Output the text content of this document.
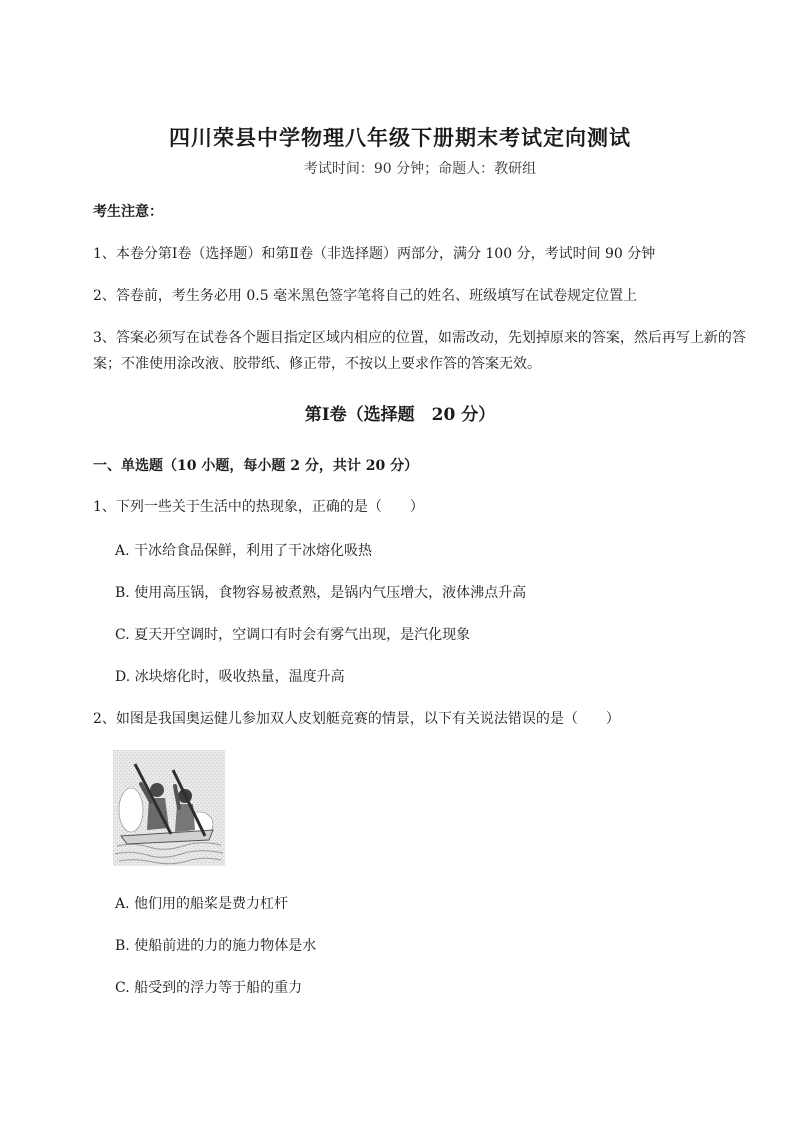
四川荣县中学物理八年级下册期末考试定向测试
考试时间：90 分钟；命题人：教研组
考生注意：
1、本卷分第Ⅰ卷（选择题）和第Ⅱ卷（非选择题）两部分，满分 100 分，考试时间 90 分钟
2、答卷前，考生务必用 0.5 毫米黑色签字笔将自己的姓名、班级填写在试卷规定位置上
3、答案必须写在试卷各个题目指定区域内相应的位置，如需改动，先划掉原来的答案，然后再写上新的答案；不准使用涂改液、胶带纸、修正带，不按以上要求作答的答案无效。
第Ⅰ卷（选择题　20 分）
一、单选题（10 小题，每小题 2 分，共计 20 分）
1、下列一些关于生活中的热现象，正确的是（　　）
A. 干冰给食品保鲜，利用了干冰熔化吸热
B. 使用高压锅，食物容易被煮熟，是锅内气压增大，液体沸点升高
C. 夏天开空调时，空调口有时会有雾气出现，是汽化现象
D. 冰块熔化时，吸收热量，温度升高
2、如图是我国奥运健儿参加双人皮划艇竞赛的情景，以下有关说法错误的是（　　）
A. 他们用的船桨是费力杠杆
B. 使船前进的力的施力物体是水
C. 船受到的浮力等于船的重力
